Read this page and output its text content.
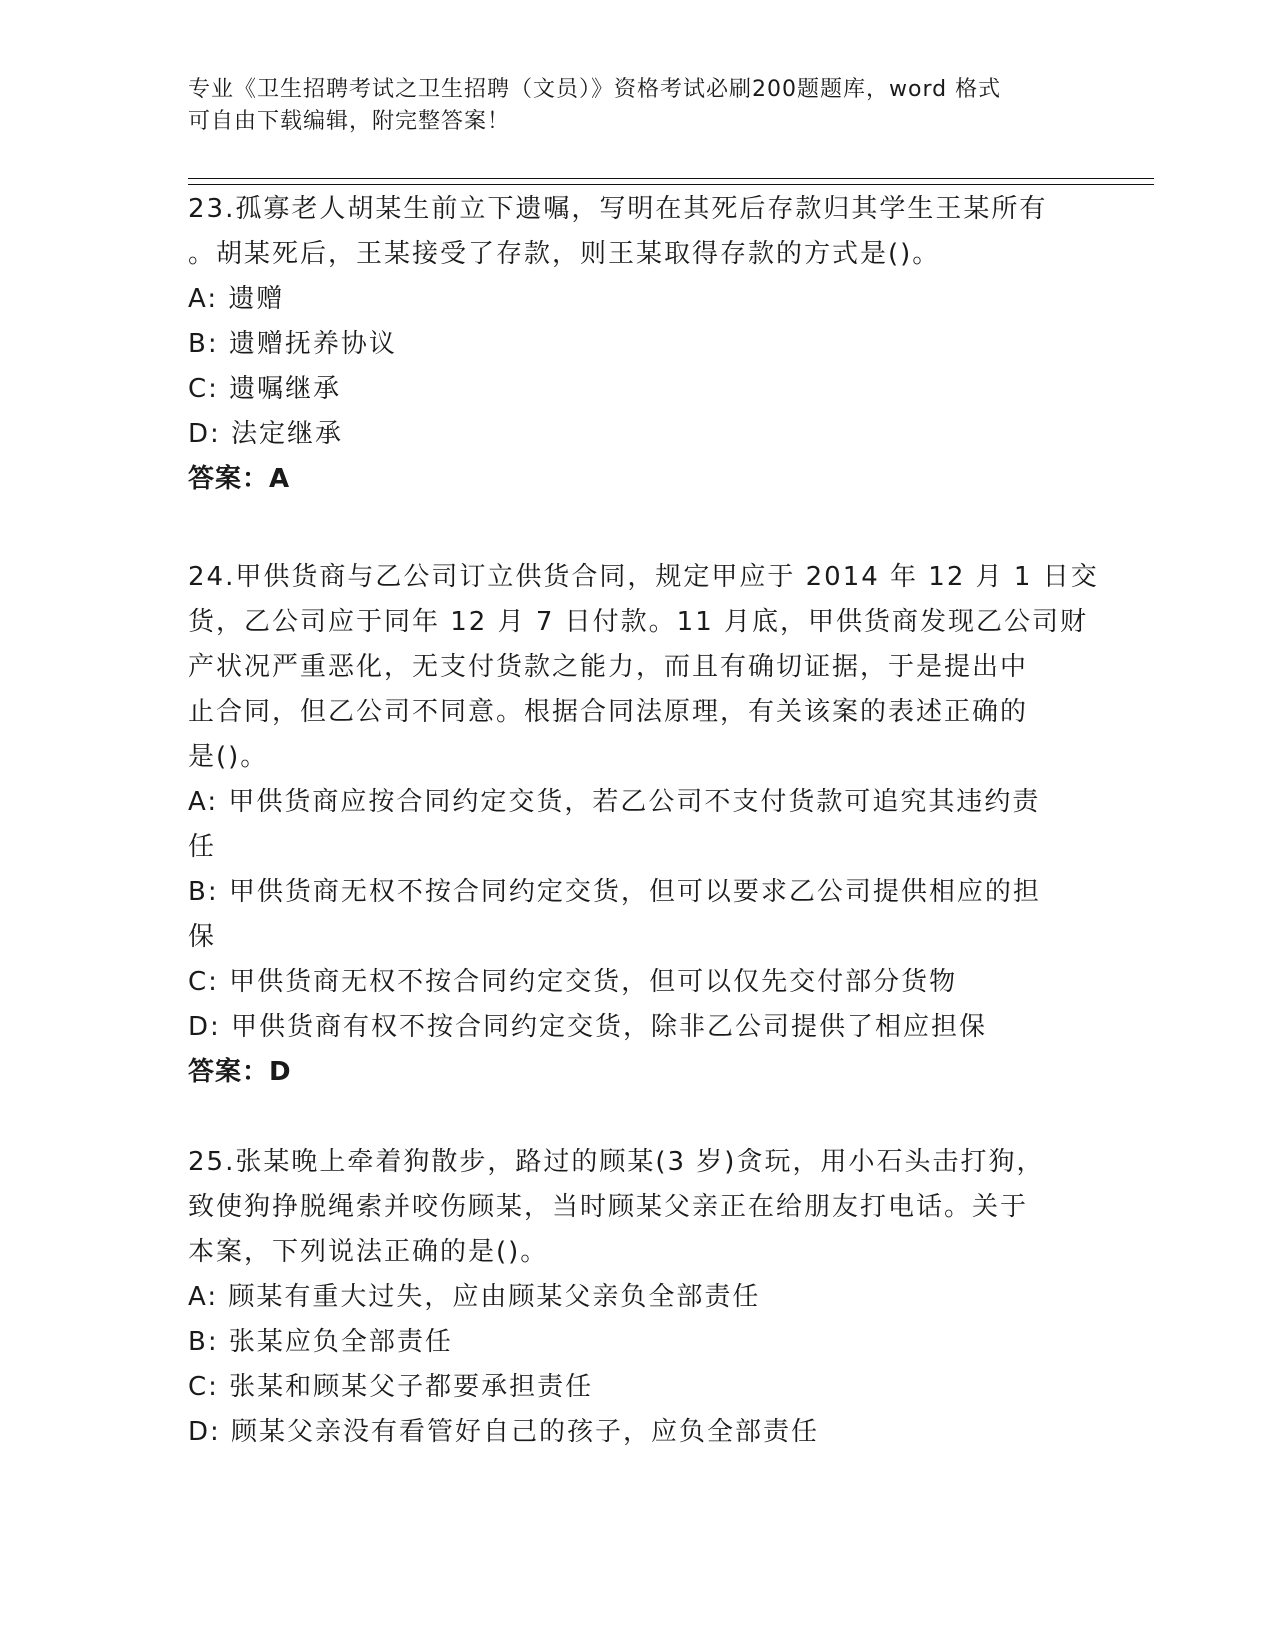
专业《卫生招聘考试之卫生招聘（文员）》资格考试必刷200题题库，word 格式
可自由下载编辑，附完整答案！
23.孤寡老人胡某生前立下遗嘱，写明在其死后存款归其学生王某所有
。胡某死后，王某接受了存款，则王某取得存款的方式是()。
A: 遗赠
B: 遗赠抚养协议
C: 遗嘱继承
D: 法定继承
答案：A
24.甲供货商与乙公司订立供货合同，规定甲应于 2014 年 12 月 1 日交
货，乙公司应于同年 12 月 7 日付款。11 月底，甲供货商发现乙公司财
产状况严重恶化，无支付货款之能力，而且有确切证据，于是提出中
止合同，但乙公司不同意。根据合同法原理，有关该案的表述正确的
是()。
A: 甲供货商应按合同约定交货，若乙公司不支付货款可追究其违约责
任
B: 甲供货商无权不按合同约定交货，但可以要求乙公司提供相应的担
保
C: 甲供货商无权不按合同约定交货，但可以仅先交付部分货物
D: 甲供货商有权不按合同约定交货，除非乙公司提供了相应担保
答案：D
25.张某晚上牵着狗散步，路过的顾某(3 岁)贪玩，用小石头击打狗，
致使狗挣脱绳索并咬伤顾某，当时顾某父亲正在给朋友打电话。关于
本案，下列说法正确的是()。
A: 顾某有重大过失，应由顾某父亲负全部责任
B: 张某应负全部责任
C: 张某和顾某父子都要承担责任
D: 顾某父亲没有看管好自己的孩子，应负全部责任
